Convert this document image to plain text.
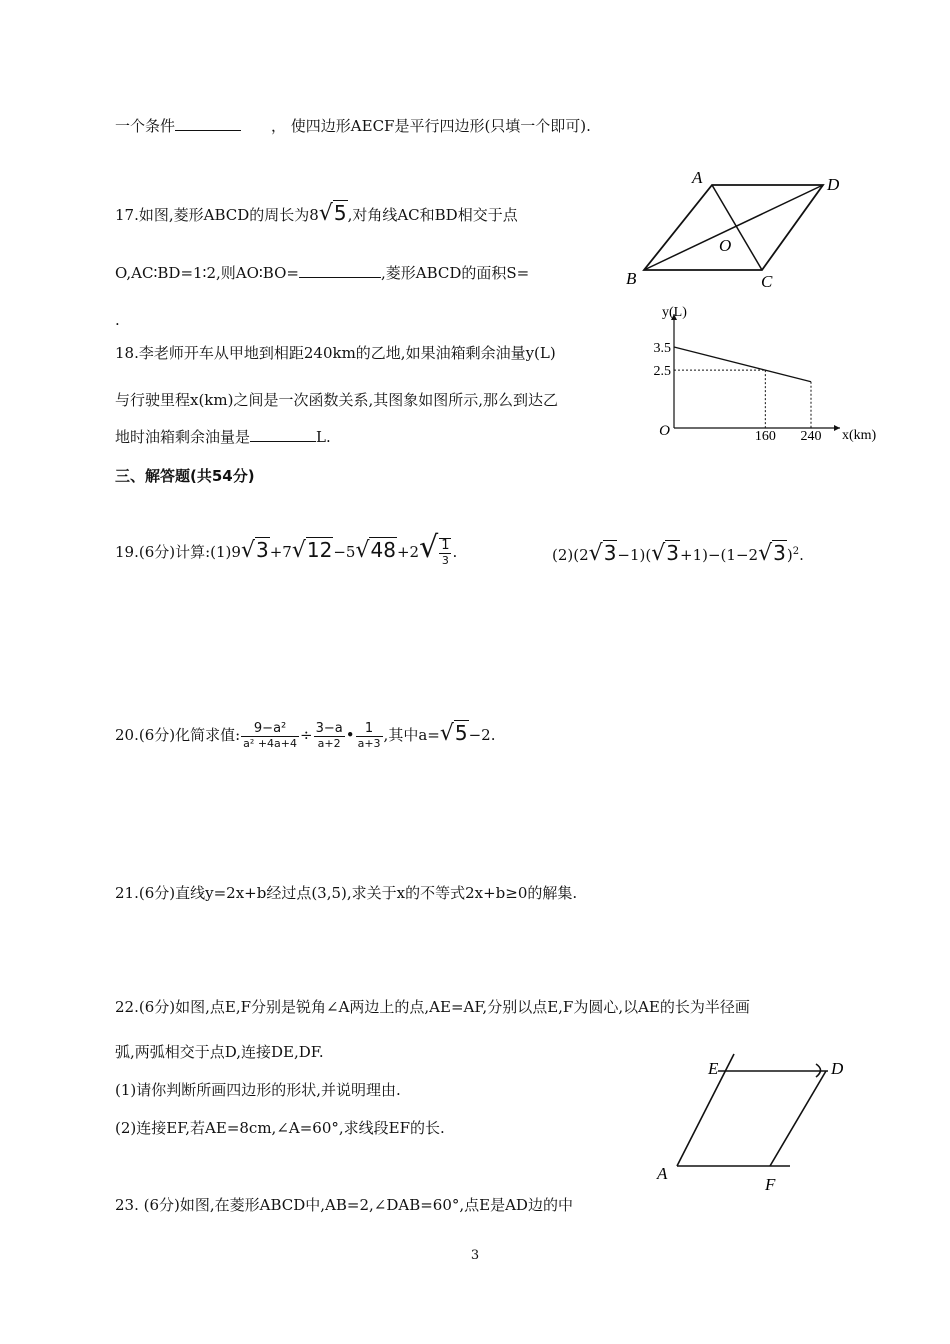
一个条件	， 使四边形AECF是平行四边形(只填一个即可).
17.如图,菱形ABCD的周长为8√5,对角线AC和BD相交于点
O,AC∶BD=1∶2,则AO∶BO=	,菱形ABCD的面积S=
.
A	D
B	C
O
18.李老师开车从甲地到相距240km的乙地,如果油箱剩余油量y(L)
与行驶里程x(km)之间是一次函数关系,其图象如图所示,那么到达乙
地时油箱剩余油量是	L.
y(L)
x(km)
3.5
2.5
160 240
O
三、解答题(共54分)
19.(6分)计算:(1)9√3+7√12−5√48+2√ $\frac{1}{3}$ .	$(2)(2√3-1)(√3+1)-(1-2√3)^2$.
20.(6分)化简求值: $\frac{\text{9−a²}}{\text{a² +4a+4}} \div \frac{3-a}{a+2}$ • $\frac{1}{a+3}$ ,其中a=√5−2.
21.(6分)直线y=2x+b经过点(3,5),求关于x的不等式2x+b≥0的解集.
22.(6分)如图,点E,F分别是锐角∠A两边上的点,AE=AF,分别以点E,F为圆心,以AE的长为半径画
弧,两弧相交于点D,连接DE,DF.
(1)请你判断所画四边形的形状,并说明理由.
(2)连接EF,若AE=8cm,∠A=60°,求线段EF的长.
E	D
A
F
23. (6分)如图,在菱形ABCD中,AB=2,∠DAB=60°,点E是AD边的中
3
